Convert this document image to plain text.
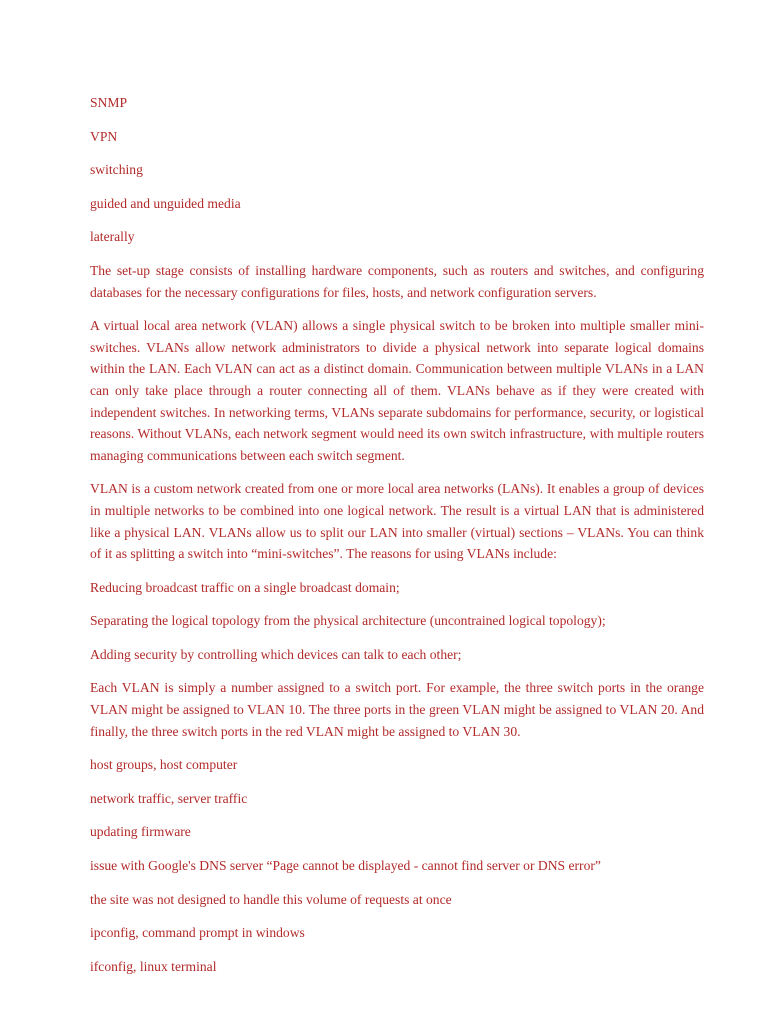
SNMP

VPN

switching

guided and unguided media

laterally

The set-up stage consists of installing hardware components, such as routers and switches, and configuring databases for the necessary configurations for files, hosts, and network configuration servers.

A virtual local area network (VLAN) allows a single physical switch to be broken into multiple smaller mini-switches. VLANs allow network administrators to divide a physical network into separate logical domains within the LAN. Each VLAN can act as a distinct domain. Communication between multiple VLANs in a LAN can only take place through a router connecting all of them. VLANs behave as if they were created with independent switches. In networking terms, VLANs separate subdomains for performance, security, or logistical reasons. Without VLANs, each network segment would need its own switch infrastructure, with multiple routers managing communications between each switch segment.

VLAN is a custom network created from one or more local area networks (LANs). It enables a group of devices in multiple networks to be combined into one logical network. The result is a virtual LAN that is administered like a physical LAN. VLANs allow us to split our LAN into smaller (virtual) sections – VLANs. You can think of it as splitting a switch into “mini-switches”. The reasons for using VLANs include:

Reducing broadcast traffic on a single broadcast domain;

Separating the logical topology from the physical architecture (uncontrained logical topology);

Adding security by controlling which devices can talk to each other;

Each VLAN is simply a number assigned to a switch port. For example, the three switch ports in the orange VLAN might be assigned to VLAN 10. The three ports in the green VLAN might be assigned to VLAN 20. And finally, the three switch ports in the red VLAN might be assigned to VLAN 30.

host groups, host computer

network traffic, server traffic

updating firmware

issue with Google's DNS server “Page cannot be displayed - cannot find server or DNS error”

the site was not designed to handle this volume of requests at once

ipconfig, command prompt in windows

ifconfig, linux terminal
